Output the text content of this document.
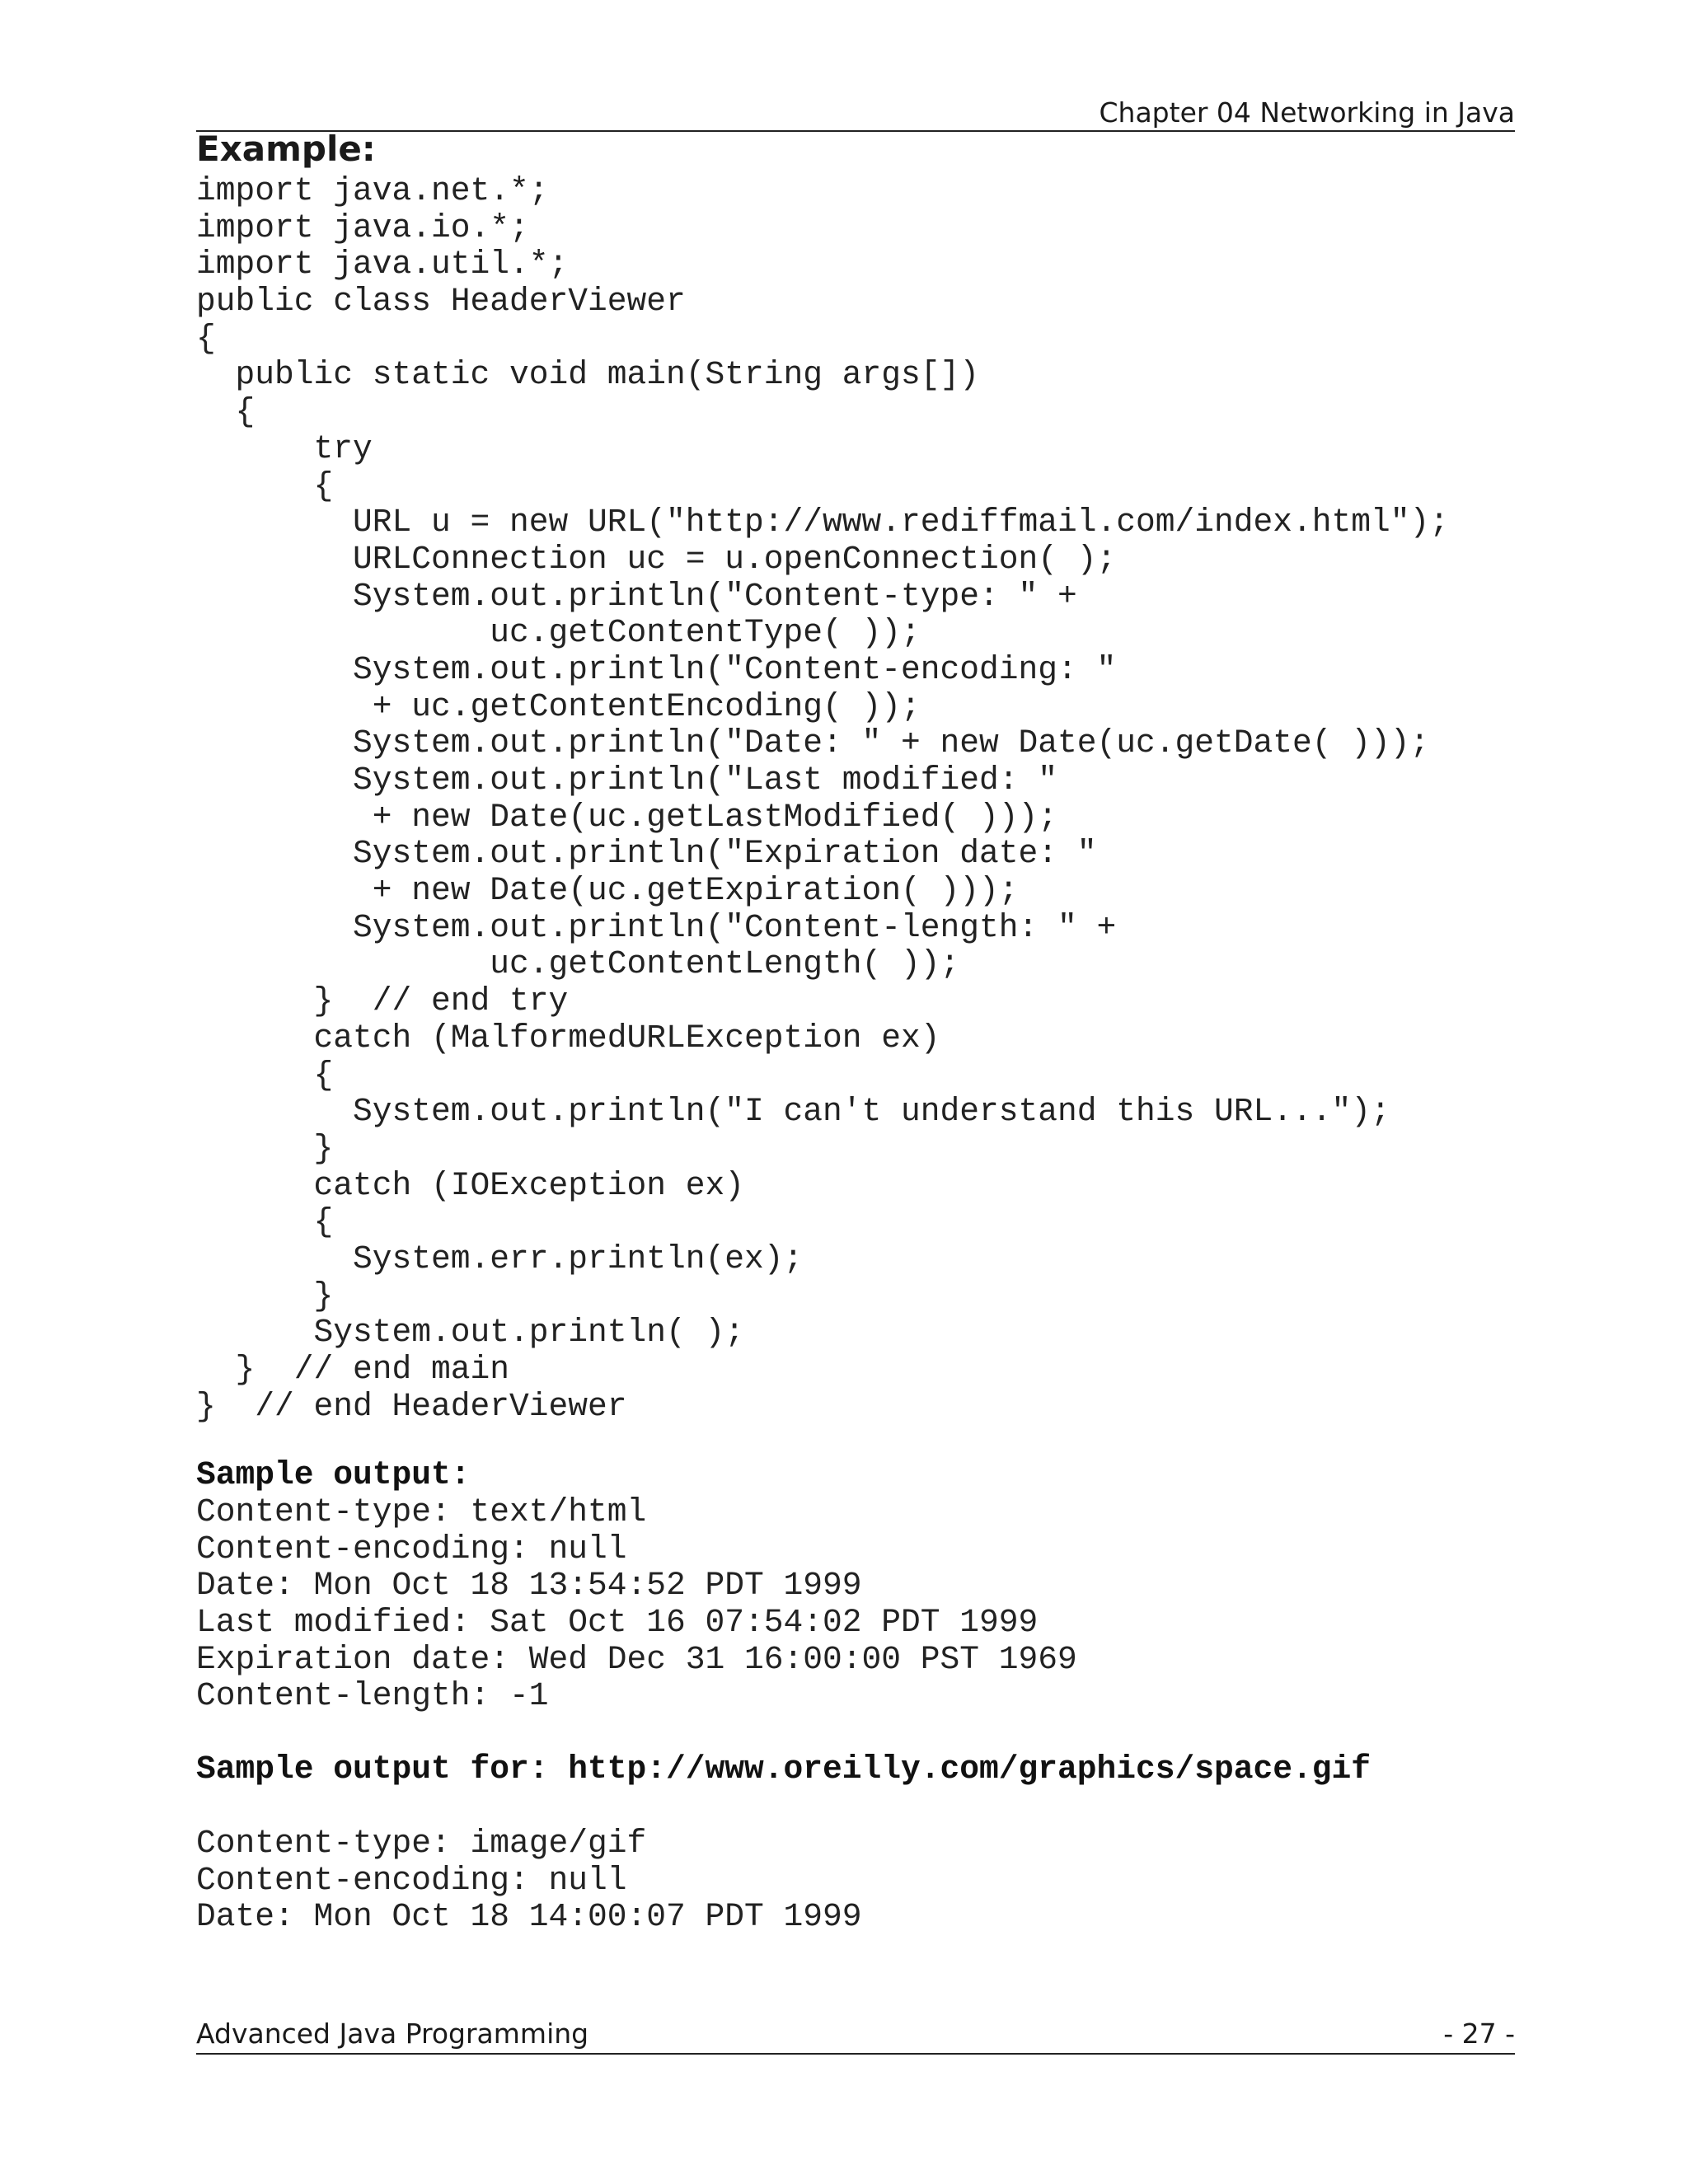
Chapter 04 Networking in Java
Example:
import java.net.*;
import java.io.*;
import java.util.*;
public class HeaderViewer
{
public static void main(String args[])
{
try
{
URL u = new URL("http://www.rediffmail.com/index.html");
URLConnection uc = u.openConnection( );
System.out.println("Content-type: " +
uc.getContentType( ));
System.out.println("Content-encoding: "
+ uc.getContentEncoding( ));
System.out.println("Date: " + new Date(uc.getDate( )));
System.out.println("Last modified: "
+ new Date(uc.getLastModified( )));
System.out.println("Expiration date: "
+ new Date(uc.getExpiration( )));
System.out.println("Content-length: " +
uc.getContentLength( ));
}  // end try
catch (MalformedURLException ex)
{
System.out.println("I can't understand this URL...");
}
catch (IOException ex)
{
System.err.println(ex);
}
System.out.println( );
}  // end main
}  // end HeaderViewer
Sample output:
Content-type: text/html
Content-encoding: null
Date: Mon Oct 18 13:54:52 PDT 1999
Last modified: Sat Oct 16 07:54:02 PDT 1999
Expiration date: Wed Dec 31 16:00:00 PST 1969
Content-length: -1
Sample output for: http://www.oreilly.com/graphics/space.gif
Content-type: image/gif
Content-encoding: null
Date: Mon Oct 18 14:00:07 PDT 1999
Advanced Java Programming	- 27 -
